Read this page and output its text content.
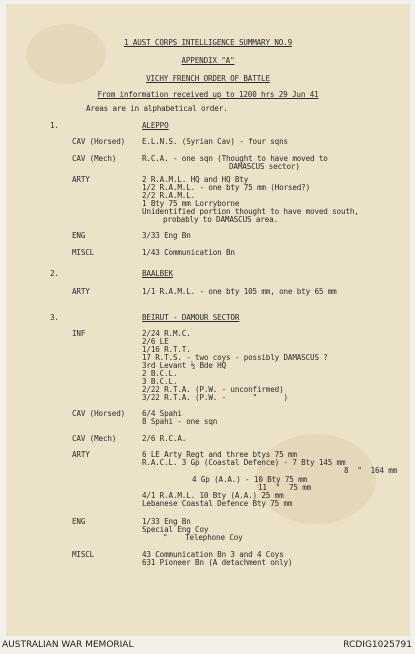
1 AUST CORPS INTELLIGENCE SUMMARY NO.9
APPENDIX "A"
VICHY FRENCH ORDER OF BATTLE
From information received up to 1200 hrs 29 Jun 41
Areas are in alphabetical order.
1.	ALEPPO
CAV (Horsed) E.L.N.S. (Syrian Cav) - four sqns
CAV (Mech)	R.C.A. - one sqn (Thought to have moved to
DAMASCUS sector)
ARTY	2 R.A.M.L. HQ and HQ Bty
1/2 R.A.M.L. - one bty 75 mm (Horsed?)
2/2 R.A.M.L.
1 Bty 75 mm Lorryborne
Unidentified portion thought to have moved south,
probably to DAMASCUS area.
ENG	3/33 Eng Bn
MISCL	1/43 Communication Bn
2.	BAALBEK
ARTY	1/1 R.A.M.L. - one bty 105 mm, one bty 65 mm
3.	BEIRUT - DAMOUR SECTOR
INF	2/24 R.M.C.
2/6 LE
1/16 R.T.T.
17 R.T.S. - two coys - possibly DAMASCUS ?
3rd Levant ½ Bde HQ
2 B.C.L.
3 B.C.L.
2/22 R.T.A. (P.W. - unconfirmed)
3/22 R.T.A. (P.W. -      "      )
CAV (Horsed) 6/4 Spahi
8 Spahi - one sqn
CAV (Mech)	2/6 R.C.A.
ARTY	6 LE Arty Regt and three btys 75 mm
R.A.C.L. 3 Gp (Coastal Defence) - 7 Bty 145 mm
8  "  164 mm
4 Gp (A.A.) - 10 Bty 75 mm
11  "  75 mm
4/1 R.A.M.L. 10 Bty (A.A.) 25 mm
Lebanese Coastal Defence Bty 75 mm
ENG	1/33 Eng Bn
Special Eng Coy
"    Telephone Coy
MISCL	43 Communication Bn 3 and 4 Coys
631 Pioneer Bn (A detachment only)
AUSTRALIAN WAR MEMORIAL	RCDIG1025791
